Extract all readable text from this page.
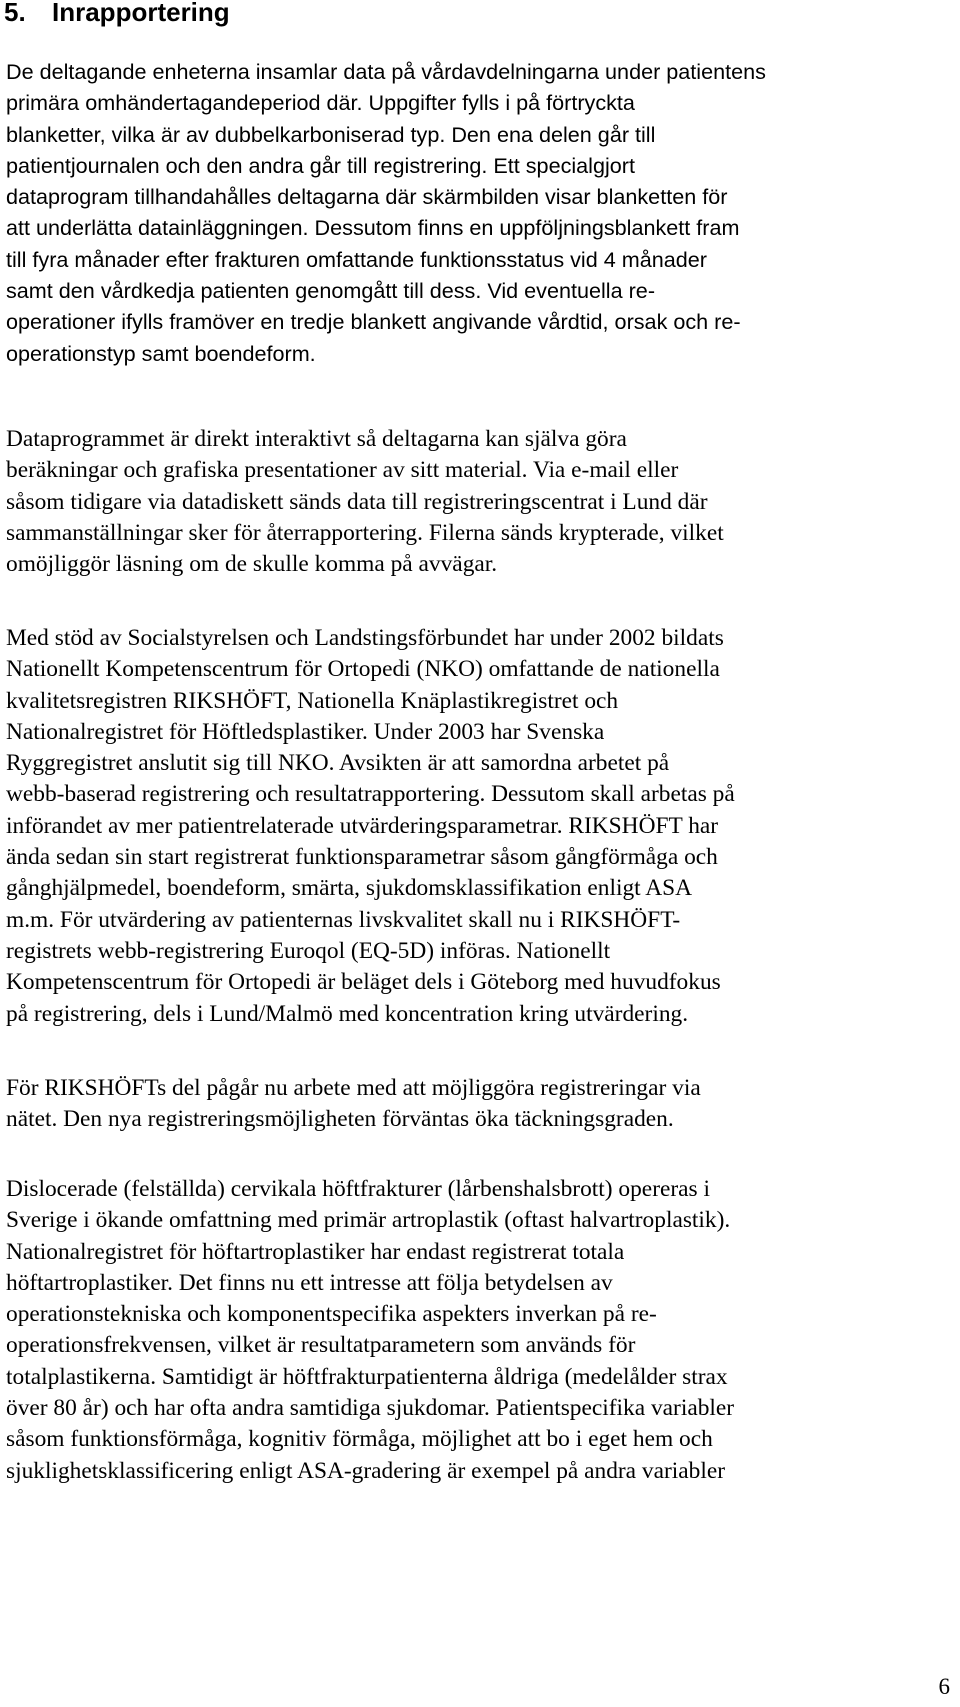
5. Inrapportering

De deltagande enheterna insamlar data på vårdavdelningarna under patientens
primära omhändertagandeperiod där. Uppgifter fylls i på förtryckta
blanketter, vilka är av dubbelkarboniserad typ. Den ena delen går till
patientjournalen och den andra går till registrering. Ett specialgjort
dataprogram tillhandahålles deltagarna där skärmbilden visar blanketten för
att underlätta datainläggningen. Dessutom finns en uppföljningsblankett fram
till fyra månader efter frakturen omfattande funktionsstatus vid 4 månader
samt den vårdkedja patienten genomgått till dess. Vid eventuella re-
operationer ifylls framöver en tredje blankett angivande vårdtid, orsak och re-
operationstyp samt boendeform.

Dataprogrammet är direkt interaktivt så deltagarna kan själva göra
beräkningar och grafiska presentationer av sitt material. Via e-mail eller
såsom tidigare via datadiskett sänds data till registreringscentrat i Lund där
sammanställningar sker för återrapportering. Filerna sänds krypterade, vilket
omöjliggör läsning om de skulle komma på avvägar.

Med stöd av Socialstyrelsen och Landstingsförbundet har under 2002 bildats
Nationellt Kompetenscentrum för Ortopedi (NKO) omfattande de nationella
kvalitetsregistren RIKSHÖFT, Nationella Knäplastikregistret och
Nationalregistret för Höftledsplastiker. Under 2003 har Svenska
Ryggregistret anslutit sig till NKO. Avsikten är att samordna arbetet på
webb-baserad registrering och resultatrapportering. Dessutom skall arbetas på
införandet av mer patientrelaterade utvärderingsparametrar. RIKSHÖFT har
ända sedan sin start registrerat funktionsparametrar såsom gångförmåga och
gånghjälpmedel, boendeform, smärta, sjukdomsklassifikation enligt ASA
m.m. För utvärdering av patienternas livskvalitet skall nu i RIKSHÖFT-
registrets webb-registrering Euroqol (EQ-5D) införas. Nationellt
Kompetenscentrum för Ortopedi är beläget dels i Göteborg med huvudfokus
på registrering, dels i Lund/Malmö med koncentration kring utvärdering.

För RIKSHÖFTs del pågår nu arbete med att möjliggöra registreringar via
nätet. Den nya registreringsmöjligheten förväntas öka täckningsgraden.

Dislocerade (felställda) cervikala höftfrakturer (lårbenshalsbrott) opereras i
Sverige i ökande omfattning med primär artroplastik (oftast halvartroplastik).
Nationalregistret för höftartroplastiker har endast registrerat totala
höftartroplastiker. Det finns nu ett intresse att följa betydelsen av
operationstekniska och komponentspecifika aspekters inverkan på re-
operationsfrekvensen, vilket är resultatparametern som används för
totalplastikerna. Samtidigt är höftfrakturpatienterna åldriga (medelålder strax
över 80 år) och har ofta andra samtidiga sjukdomar. Patientspecifika variabler
såsom funktionsförmåga, kognitiv förmåga, möjlighet att bo i eget hem och
sjuklighetsklassificering enligt ASA-gradering är exempel på andra variabler

6
